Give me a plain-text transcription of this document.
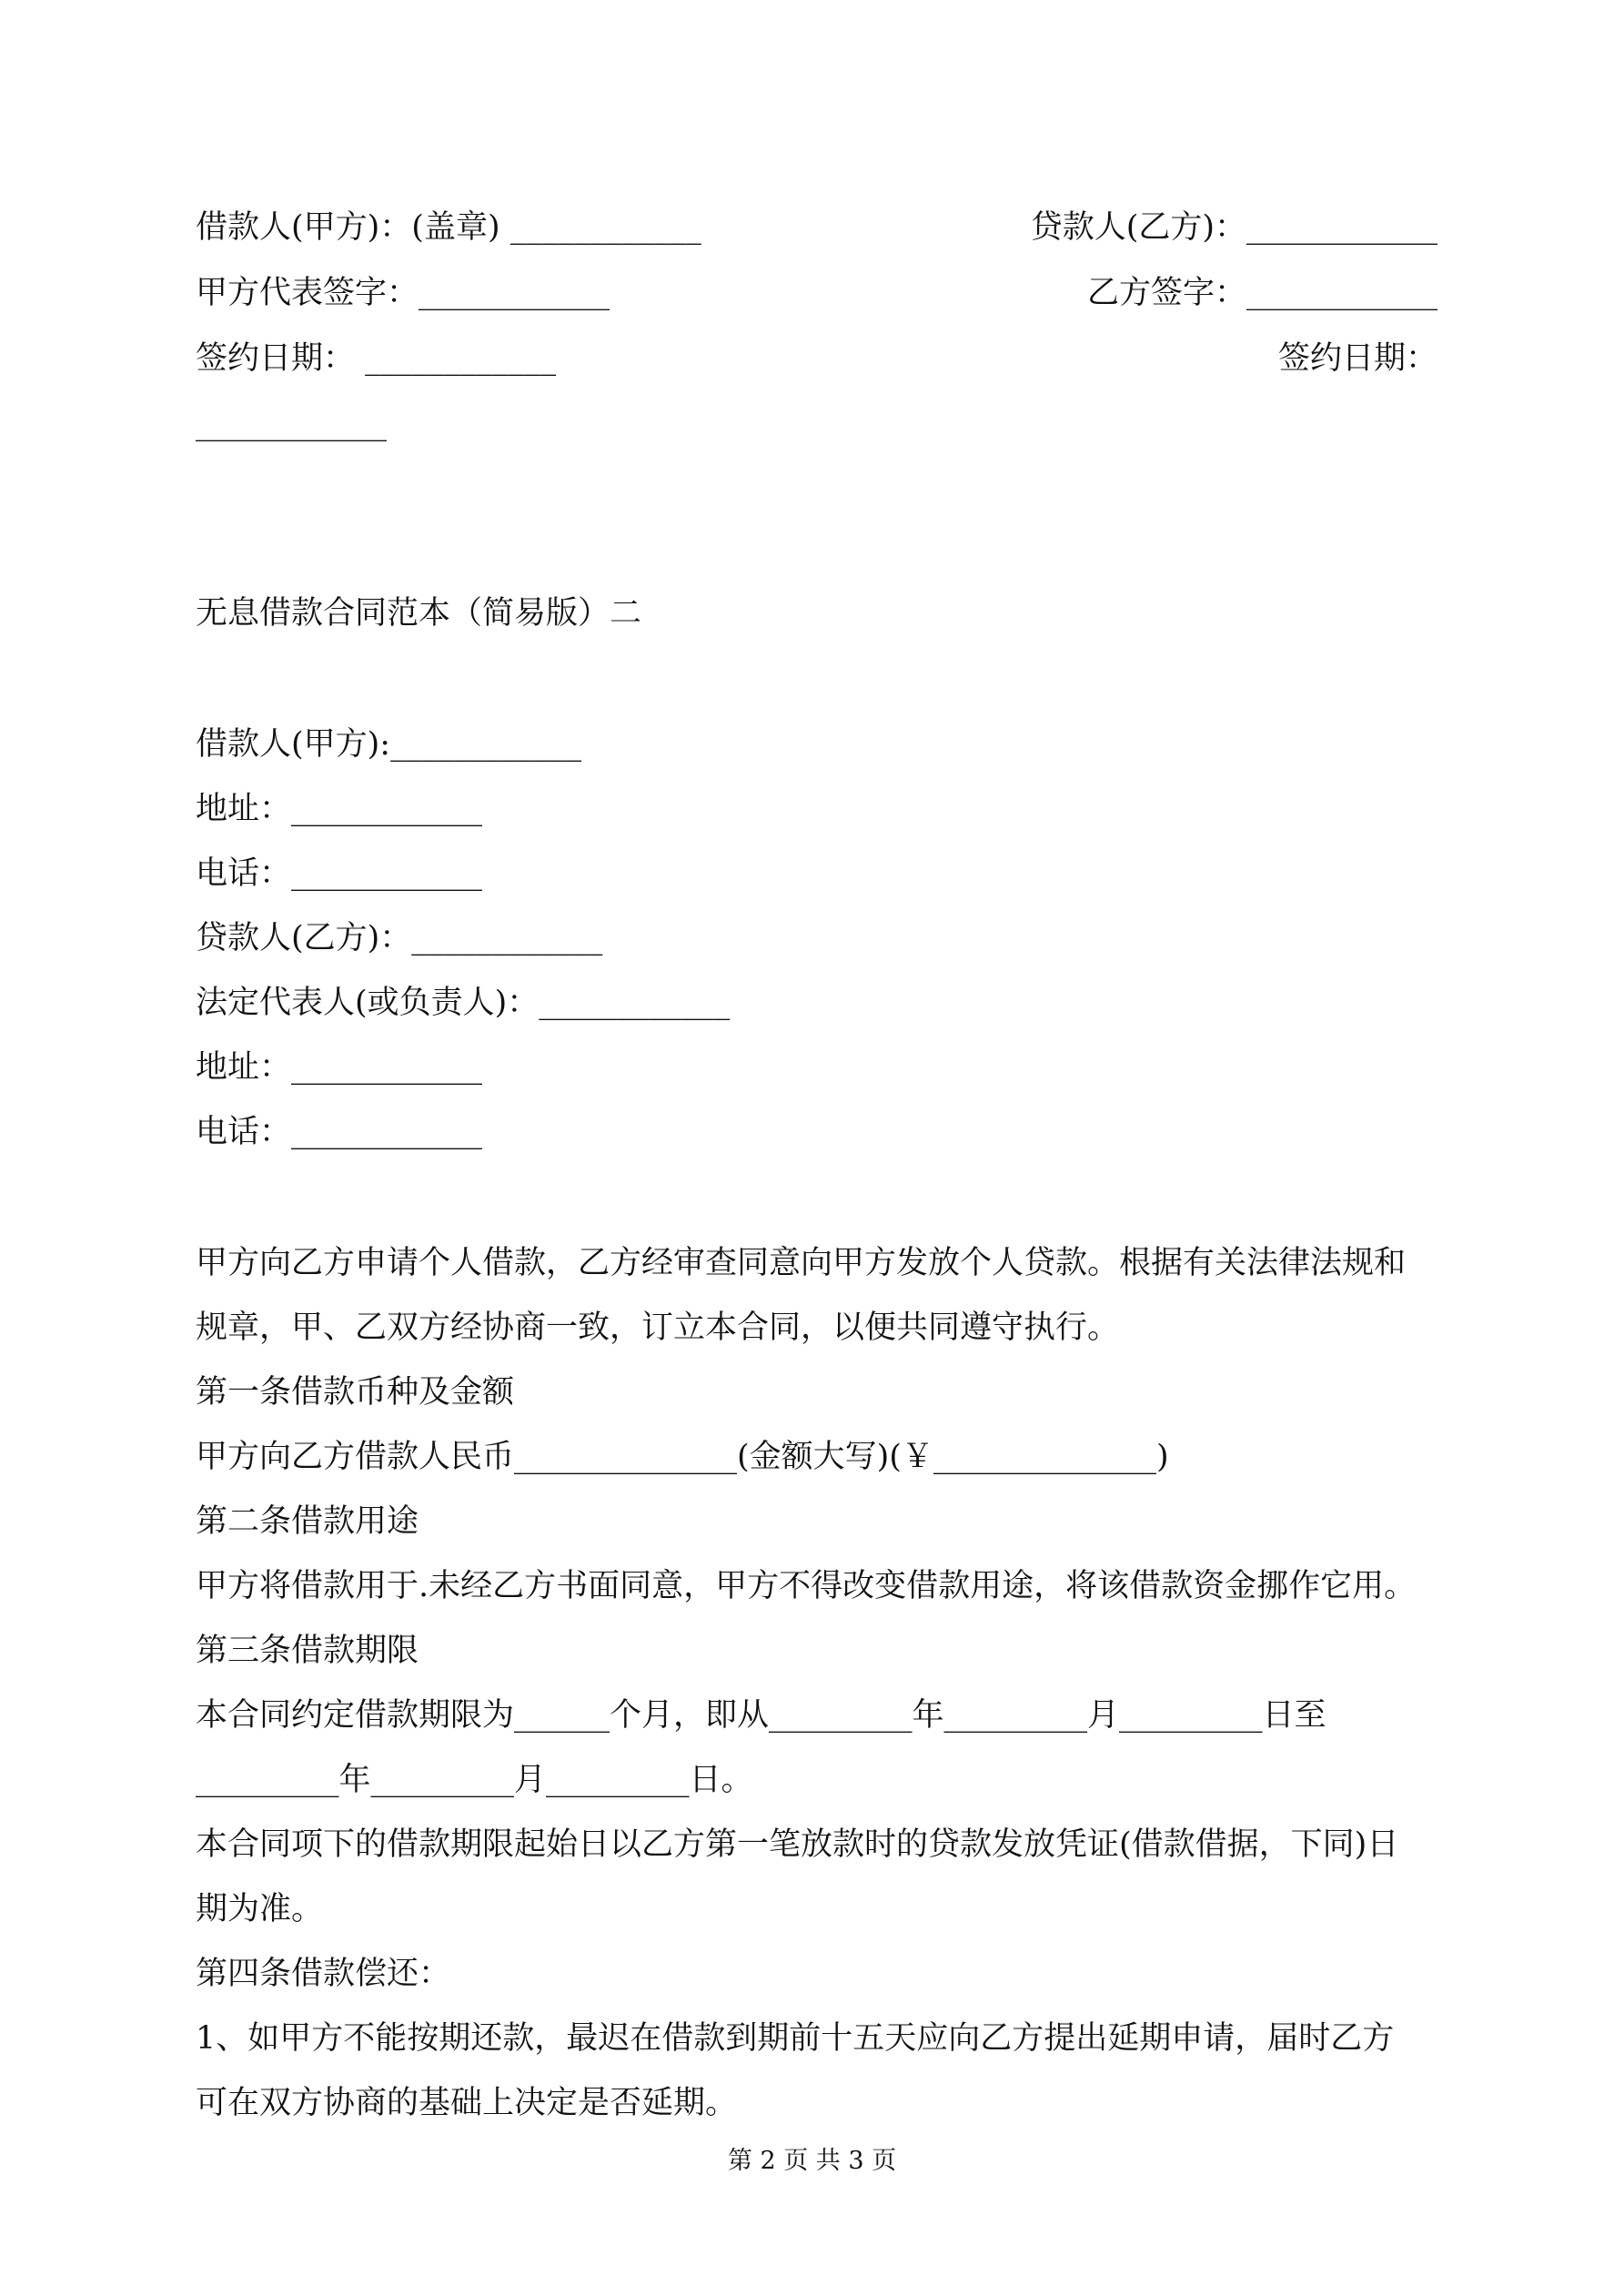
借款人(甲方)：(盖章) ____________	贷款人(乙方)：____________

甲方代表签字：____________	乙方签字：____________

签约日期： ____________	签约日期：

____________

无息借款合同范本（简易版）二

借款人(甲方):____________

地址：____________

电话：____________

贷款人(乙方)：____________

法定代表人(或负责人)：____________

地址：____________

电话：____________

甲方向乙方申请个人借款，乙方经审查同意向甲方发放个人贷款。根据有关法律法规和

规章，甲、乙双方经协商一致，订立本合同，以便共同遵守执行。

第一条借款币种及金额

甲方向乙方借款人民币______________(金额大写)(￥______________)

第二条借款用途

甲方将借款用于.未经乙方书面同意，甲方不得改变借款用途，将该借款资金挪作它用。

第三条借款期限

本合同约定借款期限为______个月，即从_________年_________月_________日至

_________年_________月_________日。

本合同项下的借款期限起始日以乙方第一笔放款时的贷款发放凭证(借款借据，下同)日

期为准。

第四条借款偿还：

1、如甲方不能按期还款，最迟在借款到期前十五天应向乙方提出延期申请，届时乙方

可在双方协商的基础上决定是否延期。

第 2 页 共 3 页
